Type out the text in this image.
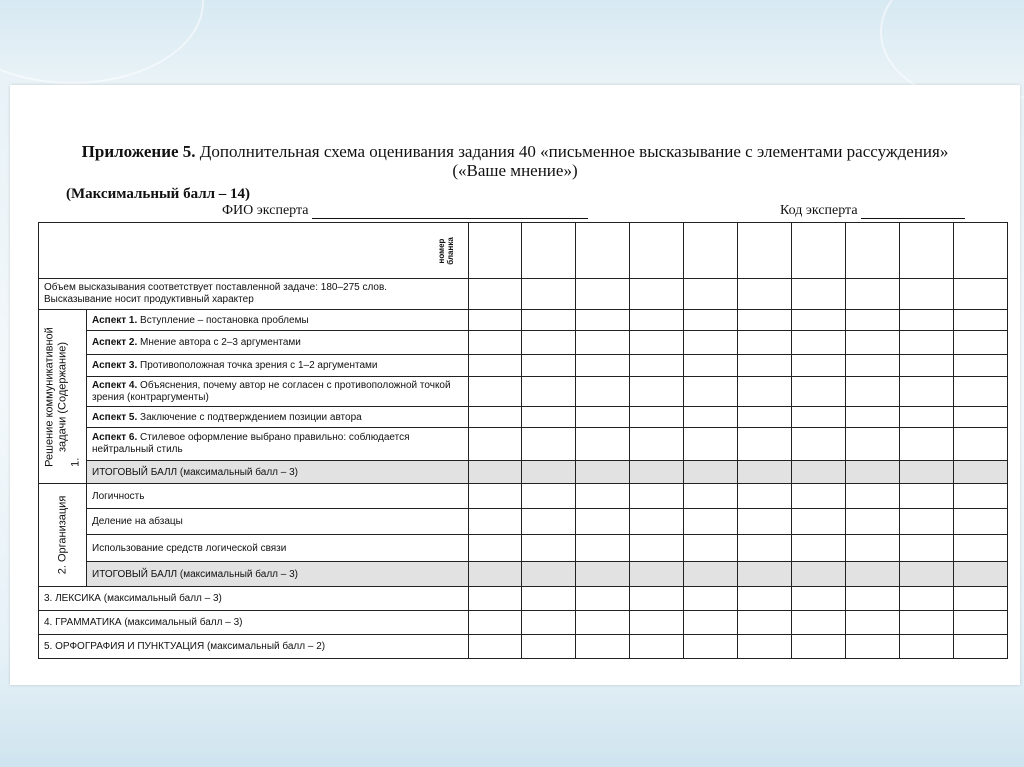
Приложение 5. Дополнительная схема оценивания задания 40 «письменное высказывание с элементами рассуждения»
(«Ваше мнение»)
(Максимальный балл – 14)
ФИО эксперта	Код эксперта
номер бланка											

Объем высказывания соответствует поставленной задаче: 180–275 слов.
Высказывание носит продуктивный характер											

Решение коммуникативной задачи (Содержание)
1.	Аспект 1. Вступление – постановка проблемы										
	Аспект 2. Мнение автора с 2–3 аргументами										
	Аспект 3. Противоположная точка зрения с 1–2 аргументами										
	Аспект 4. Объяснения, почему автор не согласен с противоположной точкой зрения (контраргументы)										
	Аспект 5. Заключение с подтверждением позиции автора										
	Аспект 6. Стилевое оформление выбрано правильно: соблюдается нейтральный стиль										
	ИТОГОВЫЙ БАЛЛ (максимальный балл – 3)										

2. Организация	Логичность										
	Деление на абзацы										
	Использование средств логической связи										
	ИТОГОВЫЙ БАЛЛ (максимальный балл – 3)										
3. ЛЕКСИКА (максимальный балл – 3)											
4. ГРАММАТИКА (максимальный балл – 3)											
5. ОРФОГРАФИЯ И ПУНКТУАЦИЯ (максимальный балл – 2)											
